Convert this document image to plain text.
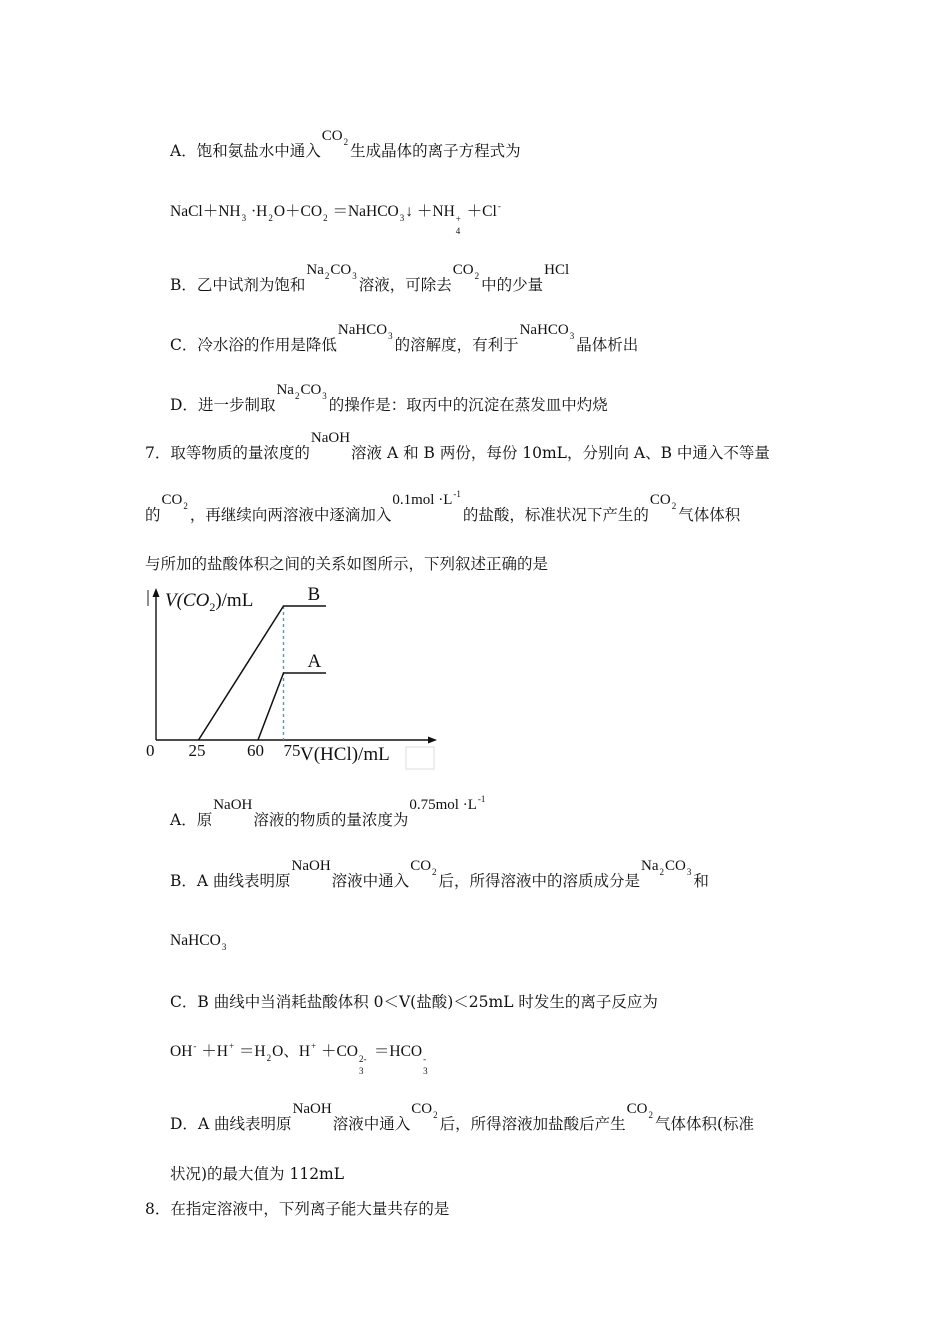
A．饱和氨盐水中通入$CO_2$ 生成晶体的离子方程式为
$NaCl+NH_3 \cdot H_2O+CO_2$ ＝NaHCO$_3$↓ ＋NH +
4
＋Cl-
B．乙中试剂为饱和$Na_2CO_3$ 溶液，可除去$CO_2$ 中的少量HCl
C．冷水浴的作用是降低NaHCO$_3$ 的溶解度，有利于NaHCO$_3$ 晶体析出
D．进一步制取$Na_2CO_3$ 的操作是：取丙中的沉淀在蒸发皿中灼烧
7．取等物质的量浓度的NaOH溶液 A 和 B 两份，每份 10mL，分别向 A、B 中通入不等量
的$CO_2$ ，再继续向两溶液中逐滴加入$0.1mol \cdot L^{-1}$的盐酸，标准状况下产生的$CO_2$ 气体体积
与所加的盐酸体积之间的关系如图所示，下列叙述正确的是
$V(CO_2)/mL$
V(HCl)/mL
0
B
A
25 60 75
A．原NaOH溶液的物质的量浓度为$0.75mol \cdot L^{-1}$
B．A 曲线表明原NaOH溶液中通入$CO_2$ 后，所得溶液中的溶质成分是$Na_2CO_3$ 和
NaHCO$_3$
C．B 曲线中当消耗盐酸体积 0＜V(盐酸)＜25mL 时发生的离子反应为
$OH^- +H^+ =H_2O$、H+ ＋CO 2-
3
＝HCO -
3
D．A 曲线表明原NaOH溶液中通入$CO_2$ 后，所得溶液加盐酸后产生$CO_2$ 气体体积(标准
状况)的最大值为 112mL
8．在指定溶液中，下列离子能大量共存的是
